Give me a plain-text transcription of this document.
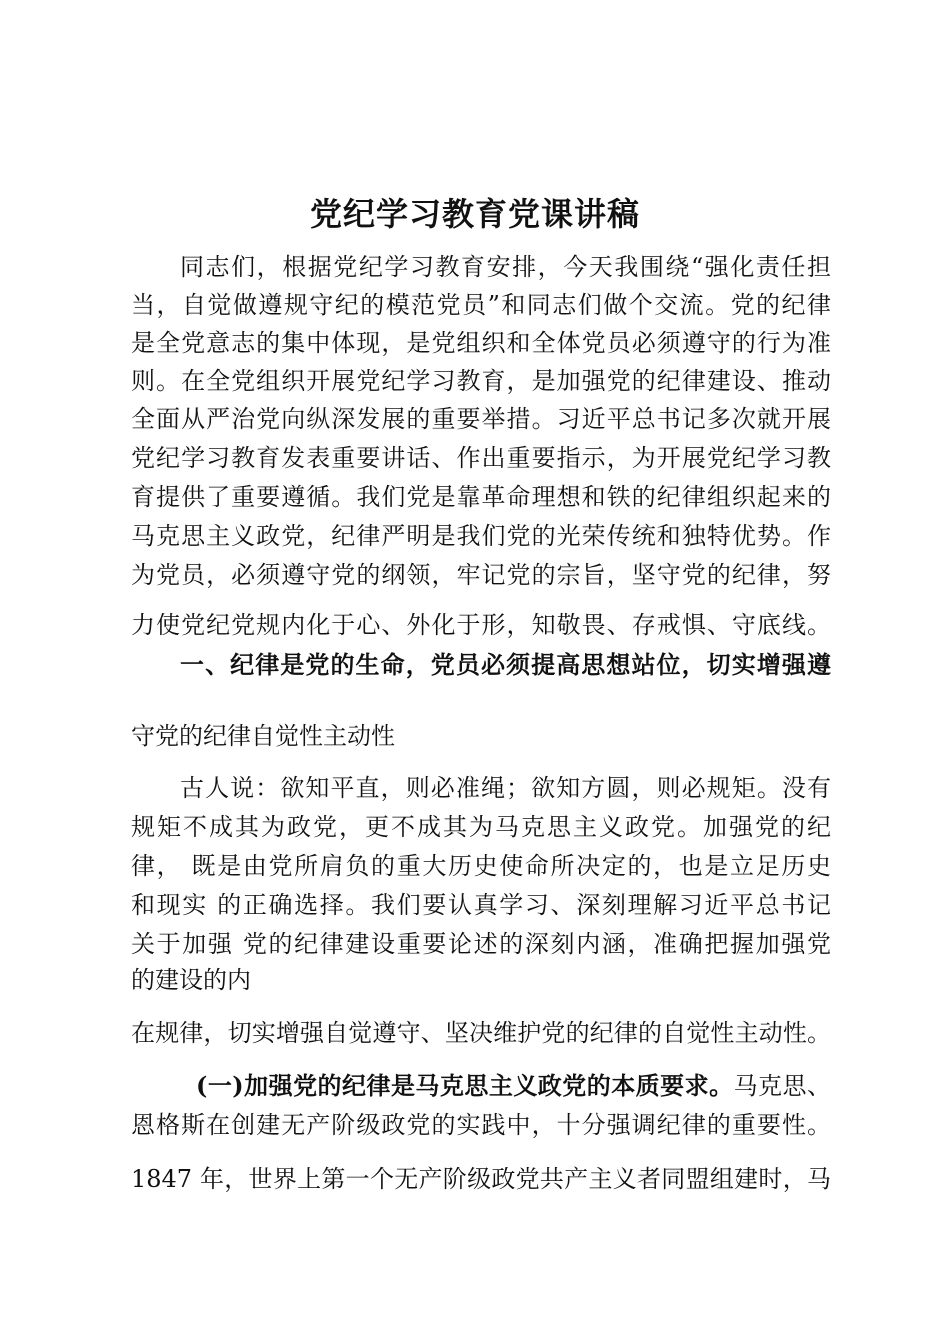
党纪学习教育党课讲稿
同志们，根据党纪学习教育安排，今天我围绕“强化责任担
当，自觉做遵规守纪的模范党员”和同志们做个交流。党的纪律
是全党意志的集中体现，是党组织和全体党员必须遵守的行为准
则。在全党组织开展党纪学习教育，是加强党的纪律建设、推动
全面从严治党向纵深发展的重要举措。习近平总书记多次就开展
党纪学习教育发表重要讲话、作出重要指示，为开展党纪学习教
育提供了重要遵循。我们党是靠革命理想和铁的纪律组织起来的
马克思主义政党，纪律严明是我们党的光荣传统和独特优势。作
为党员，必须遵守党的纲领，牢记党的宗旨，坚守党的纪律，努
力使党纪党规内化于心、外化于形，知敬畏、存戒惧、守底线。
一、纪律是党的生命，党员必须提高思想站位，切实增强遵
守党的纪律自觉性主动性
古人说：欲知平直，则必准绳；欲知方圆，则必规矩。没有
规矩不成其为政党，更不成其为马克思主义政党。加强党的纪
律， 既是由党所肩负的重大历史使命所决定的，也是立足历史
和现实 的正确选择。我们要认真学习、深刻理解习近平总书记
关于加强 党的纪律建设重要论述的深刻内涵，准确把握加强党
的建设的内
在规律，切实增强自觉遵守、坚决维护党的纪律的自觉性主动性。
(一)加强党的纪律是马克思主义政党的本质要求。马克思、
恩格斯在创建无产阶级政党的实践中，十分强调纪律的重要性。
1847 年，世界上第一个无产阶级政党共产主义者同盟组建时，马
